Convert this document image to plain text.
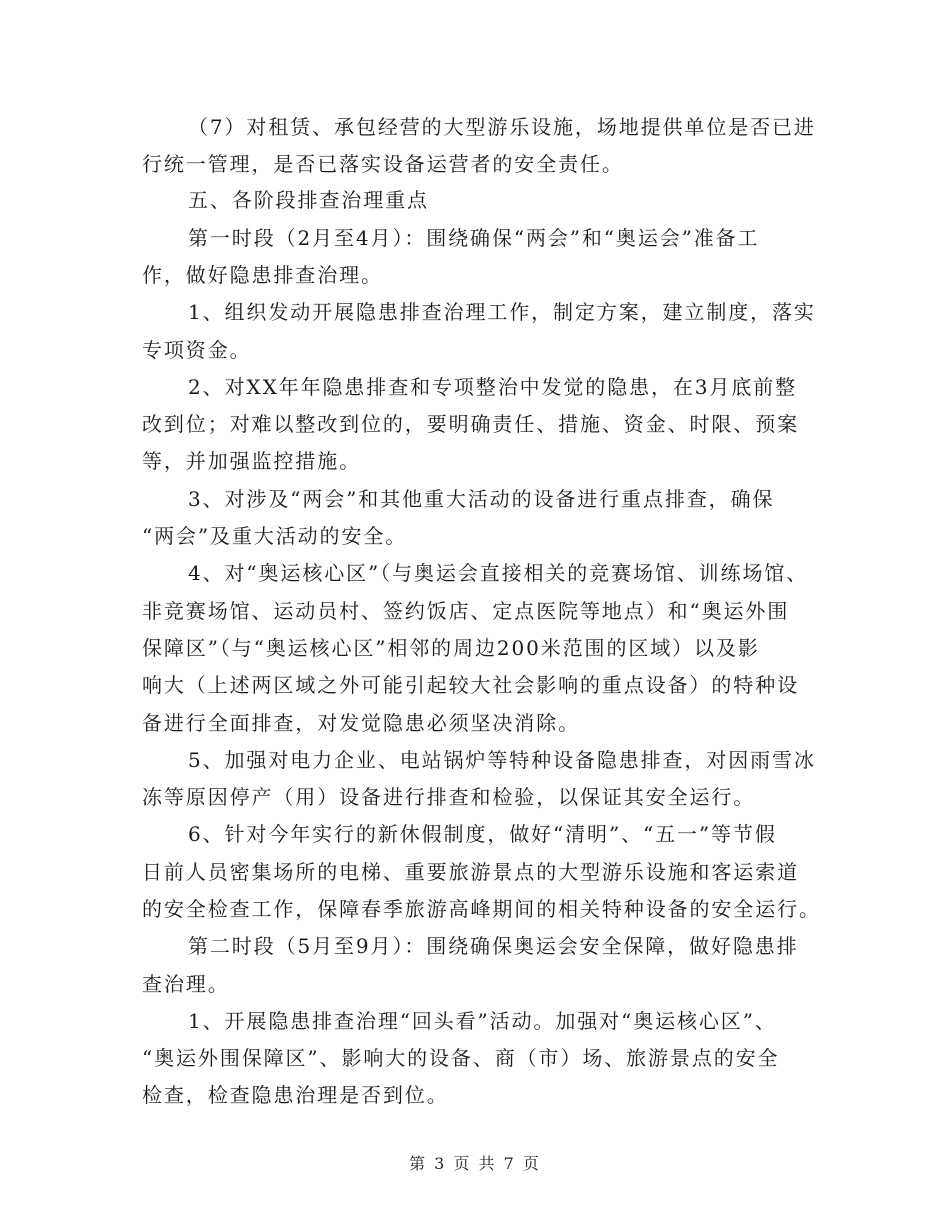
（7）对租赁、承包经营的大型游乐设施，场地提供单位是否已进
行统一管理，是否已落实设备运营者的安全责任。
五、各阶段排查治理重点
第一时段（2月至4月）：围绕确保“两会”和“奥运会”准备工
作，做好隐患排查治理。
1、组织发动开展隐患排查治理工作，制定方案，建立制度，落实
专项资金。
2、对XX年年隐患排查和专项整治中发觉的隐患，在3月底前整
改到位；对难以整改到位的，要明确责任、措施、资金、时限、预案
等，并加强监控措施。
3、对涉及“两会”和其他重大活动的设备进行重点排查，确保
“两会”及重大活动的安全。
4、对“奥运核心区”（与奥运会直接相关的竞赛场馆、训练场馆、
非竞赛场馆、运动员村、签约饭店、定点医院等地点）和“奥运外围
保障区”（与“奥运核心区”相邻的周边200米范围的区域）以及影
响大（上述两区域之外可能引起较大社会影响的重点设备）的特种设
备进行全面排查，对发觉隐患必须坚决消除。
5、加强对电力企业、电站锅炉等特种设备隐患排查，对因雨雪冰
冻等原因停产（用）设备进行排查和检验，以保证其安全运行。
6、针对今年实行的新休假制度，做好“清明”、“五一”等节假
日前人员密集场所的电梯、重要旅游景点的大型游乐设施和客运索道
的安全检查工作，保障春季旅游高峰期间的相关特种设备的安全运行。
第二时段（5月至9月）：围绕确保奥运会安全保障，做好隐患排
查治理。
1、开展隐患排查治理“回头看”活动。加强对“奥运核心区”、
“奥运外围保障区”、影响大的设备、商（市）场、旅游景点的安全
检查，检查隐患治理是否到位。
第 3 页 共 7 页
